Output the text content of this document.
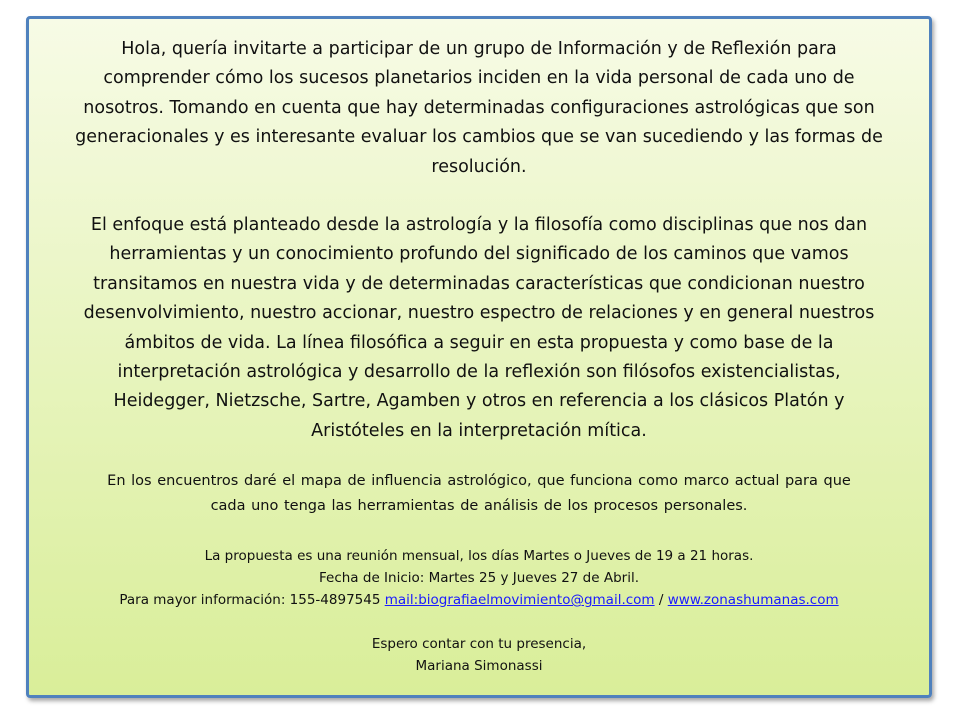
Hola, quería invitarte a participar de un grupo de Información y de Reflexión para
comprender cómo los sucesos planetarios inciden en la vida personal de cada uno de
nosotros. Tomando en cuenta que hay determinadas configuraciones astrológicas que son
generacionales y es interesante evaluar los cambios que se van sucediendo y las formas de
resolución.

El enfoque está planteado desde la astrología y la filosofía como disciplinas que nos dan
herramientas y un conocimiento profundo del significado de los caminos que vamos
transitamos en nuestra vida y de determinadas características que condicionan nuestro
desenvolvimiento, nuestro accionar, nuestro espectro de relaciones y en general nuestros
ámbitos de vida. La línea filosófica a seguir en esta propuesta y como base de la
interpretación astrológica y desarrollo de la reflexión son filósofos existencialistas,
Heidegger, Nietzsche, Sartre, Agamben y otros en referencia a los clásicos Platón y
Aristóteles en la interpretación mítica.

En los encuentros daré el mapa de influencia astrológico, que funciona como marco actual para que
cada uno tenga las herramientas de análisis de los procesos personales.

La propuesta es una reunión mensual, los días Martes o Jueves de 19 a 21 horas.
Fecha de Inicio: Martes 25 y Jueves 27 de Abril.
Para mayor información: 155-4897545 mail:biografiaelmovimiento@gmail.com / www.zonashumanas.com

Espero contar con tu presencia,
Mariana Simonassi
